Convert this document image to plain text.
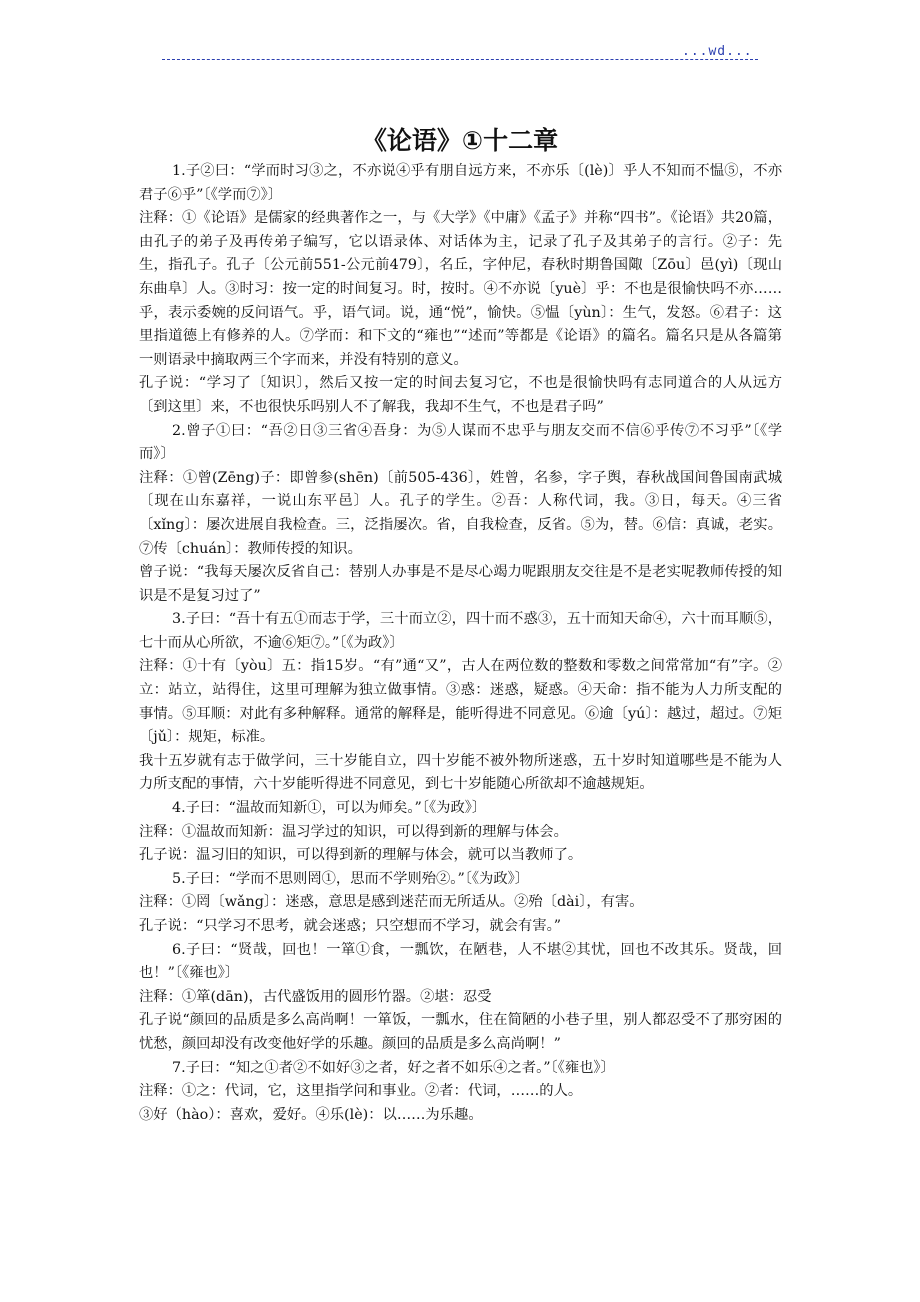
...wd...
《论语》①十二章

1.子②曰：“学而时习③之，不亦说④乎有朋自远方来，不亦乐〔(lè)〕乎人不知而不愠⑤，不亦君子⑥乎”〔《学而⑦》〕

注释：①《论语》是儒家的经典著作之一，与《大学》《中庸》《孟子》并称“四书”。《论语》共20篇，由孔子的弟子及再传弟子编写，它以语录体、对话体为主，记录了孔子及其弟子的言行。②子：先生，指孔子。孔子〔公元前551-公元前479〕，名丘，字仲尼，春秋时期鲁国陬〔Zōu〕邑(yì)〔现山东曲阜〕人。③时习：按一定的时间复习。时，按时。④不亦说〔yuè〕乎：不也是很愉快吗不亦……乎，表示委婉的反问语气。乎，语气词。说，通“悦”，愉快。⑤愠〔yùn〕：生气，发怒。⑥君子：这里指道德上有修养的人。⑦学而：和下文的“雍也”“述而”等都是《论语》的篇名。篇名只是从各篇第一则语录中摘取两三个字而来，并没有特别的意义。

孔子说：“学习了〔知识〕，然后又按一定的时间去复习它，不也是很愉快吗有志同道合的人从远方〔到这里〕来，不也很快乐吗别人不了解我，我却不生气，不也是君子吗”

2.曾子①曰：“吾②日③三省④吾身：为⑤人谋而不忠乎与朋友交而不信⑥乎传⑦不习乎”〔《学而》〕

注释：①曾(Zēng)子：即曾参(shēn)〔前505-436〕，姓曾，名参，字子舆，春秋战国间鲁国南武城〔现在山东嘉祥，一说山东平邑〕人。孔子的学生。②吾：人称代词，我。③日，每天。④三省〔xǐng〕：屡次进展自我检查。三，泛指屡次。省，自我检查，反省。⑤为，替。⑥信：真诚，老实。⑦传〔chuán〕：教师传授的知识。

曾子说：“我每天屡次反省自己：替别人办事是不是尽心竭力呢跟朋友交往是不是老实呢教师传授的知识是不是复习过了”

3.子曰：“吾十有五①而志于学，三十而立②，四十而不惑③，五十而知天命④，六十而耳顺⑤，七十而从心所欲，不逾⑥矩⑦。”〔《为政》〕

注释：①十有〔yòu〕五：指15岁。“有”通“又”，古人在两位数的整数和零数之间常常加“有”字。②立：站立，站得住，这里可理解为独立做事情。③惑：迷惑，疑惑。④天命：指不能为人力所支配的事情。⑤耳顺：对此有多种解释。通常的解释是，能听得进不同意见。⑥逾〔yú〕：越过，超过。⑦矩〔jǔ〕：规矩，标准。

我十五岁就有志于做学问，三十岁能自立，四十岁能不被外物所迷惑，五十岁时知道哪些是不能为人力所支配的事情，六十岁能听得进不同意见，到七十岁能随心所欲却不逾越规矩。

4.子曰：“温故而知新①，可以为师矣。”〔《为政》〕

注释：①温故而知新：温习学过的知识，可以得到新的理解与体会。

孔子说：温习旧的知识，可以得到新的理解与体会，就可以当教师了。

5.子曰：“学而不思则罔①，思而不学则殆②。”〔《为政》〕

注释：①罔〔wǎng〕：迷惑，意思是感到迷茫而无所适从。②殆〔dài〕，有害。

孔子说：“只学习不思考，就会迷惑；只空想而不学习，就会有害。”

6.子曰：“贤哉，回也！一箪①食，一瓢饮，在陋巷，人不堪②其忧，回也不改其乐。贤哉，回也！”〔《雍也》〕

注释：①箪(dān)，古代盛饭用的圆形竹器。②堪：忍受

孔子说“颜回的品质是多么高尚啊！一箪饭，一瓢水，住在简陋的小巷子里，别人都忍受不了那穷困的忧愁，颜回却没有改变他好学的乐趣。颜回的品质是多么高尚啊！”

7.子曰：“知之①者②不如好③之者，好之者不如乐④之者。”〔《雍也》〕

注释：①之：代词，它，这里指学问和事业。②者：代词，……的人。

③好（hào）：喜欢，爱好。④乐(lè)：以……为乐趣。
